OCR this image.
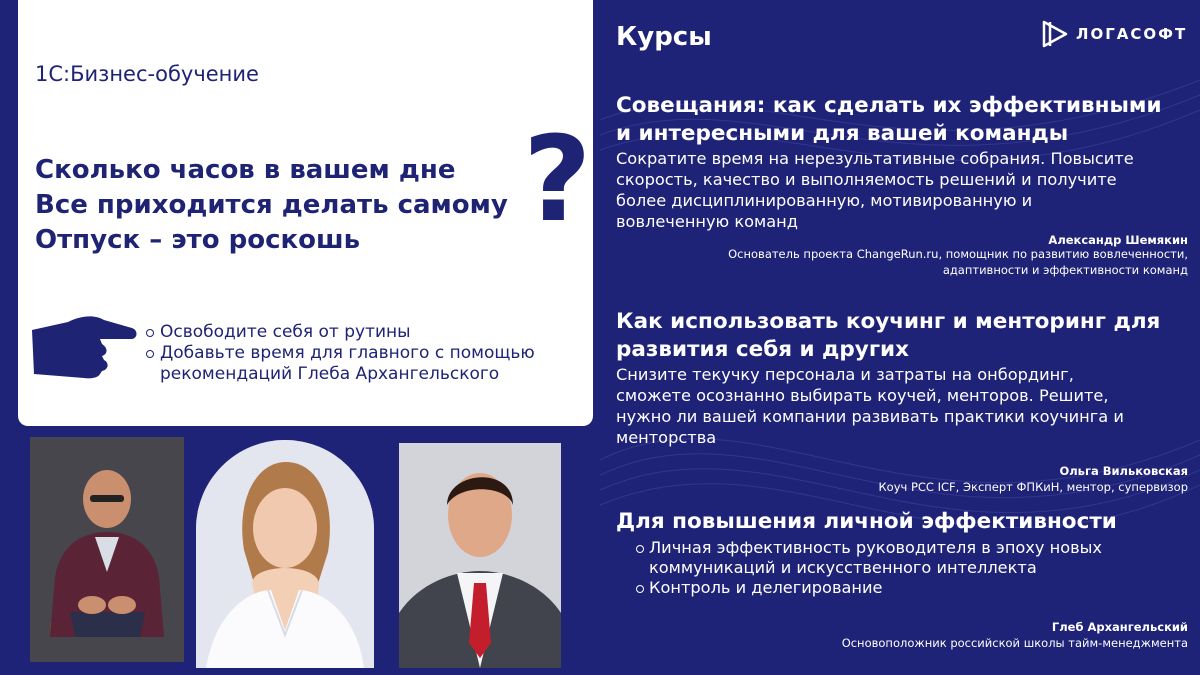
1С:Бизнес-обучение
Сколько часов в вашем дне
Все приходится делать самому
Отпуск – это роскошь	?
Освободите себя от рутины
Добавьте время для главного с помощью
рекомендаций Глеба Архангельского
Курсы	ЛОГАСОФТ
Совещания: как сделать их эффективными
и интересными для вашей команды
Сократите время на нерезультативные собрания. Повысите
скорость, качество и выполняемость решений и получите
более дисциплинированную, мотивированную и
вовлеченную команд
Александр Шемякин
Основатель проекта ChangeRun.ru, помощник по развитию вовлеченности,
адаптивности и эффективности команд
Как использовать коучинг и менторинг для
развития себя и других
Снизите текучку персонала и затраты на онбординг,
сможете осознанно выбирать коучей, менторов. Решите,
нужно ли вашей компании развивать практики коучинга и
менторства
Ольга Вильковская
Коуч PCC ICF, Эксперт ФПКиН, ментор, супервизор
Для повышения личной эффективности
Личная эффективность руководителя в эпоху новых
коммуникаций и искусственного интеллекта
Контроль и делегирование
Глеб Архангельский
Основоположник российской школы тайм-менеджмента
